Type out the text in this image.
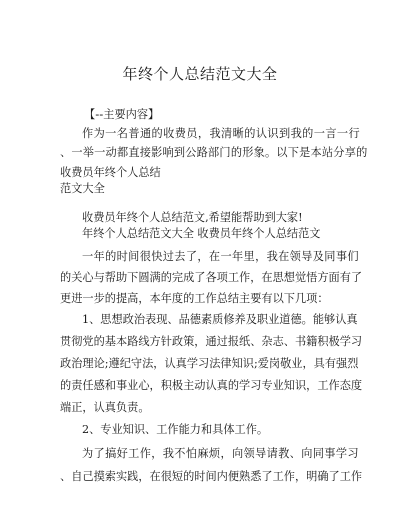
年终个人总结范文大全
【--主要内容】
作为一名普通的收费员，我清晰的认识到我的一言一行
、一举一动都直接影响到公路部门的形象。以下是本站分享的
收费员年终个人总结
范文大全
收费员年终个人总结范文,希望能帮助到大家!
年终个人总结范文大全 收费员年终个人总结范文
一年的时间很快过去了，在一年里，我在领导及同事们
的关心与帮助下圆满的完成了各项工作，在思想觉悟方面有了
更进一步的提高，本年度的工作总结主要有以下几项：
1、思想政治表现、品德素质修养及职业道德。能够认真
贯彻党的基本路线方针政策，通过报纸、杂志、书籍积极学习
政治理论;遵纪守法，认真学习法律知识;爱岗敬业，具有强烈
的责任感和事业心，积极主动认真的学习专业知识，工作态度
端正，认真负责。
2、专业知识、工作能力和具体工作。
为了搞好工作，我不怕麻烦，向领导请教、向同事学习
、自己摸索实践，在很短的时间内便熟悉了工作，明确了工作
